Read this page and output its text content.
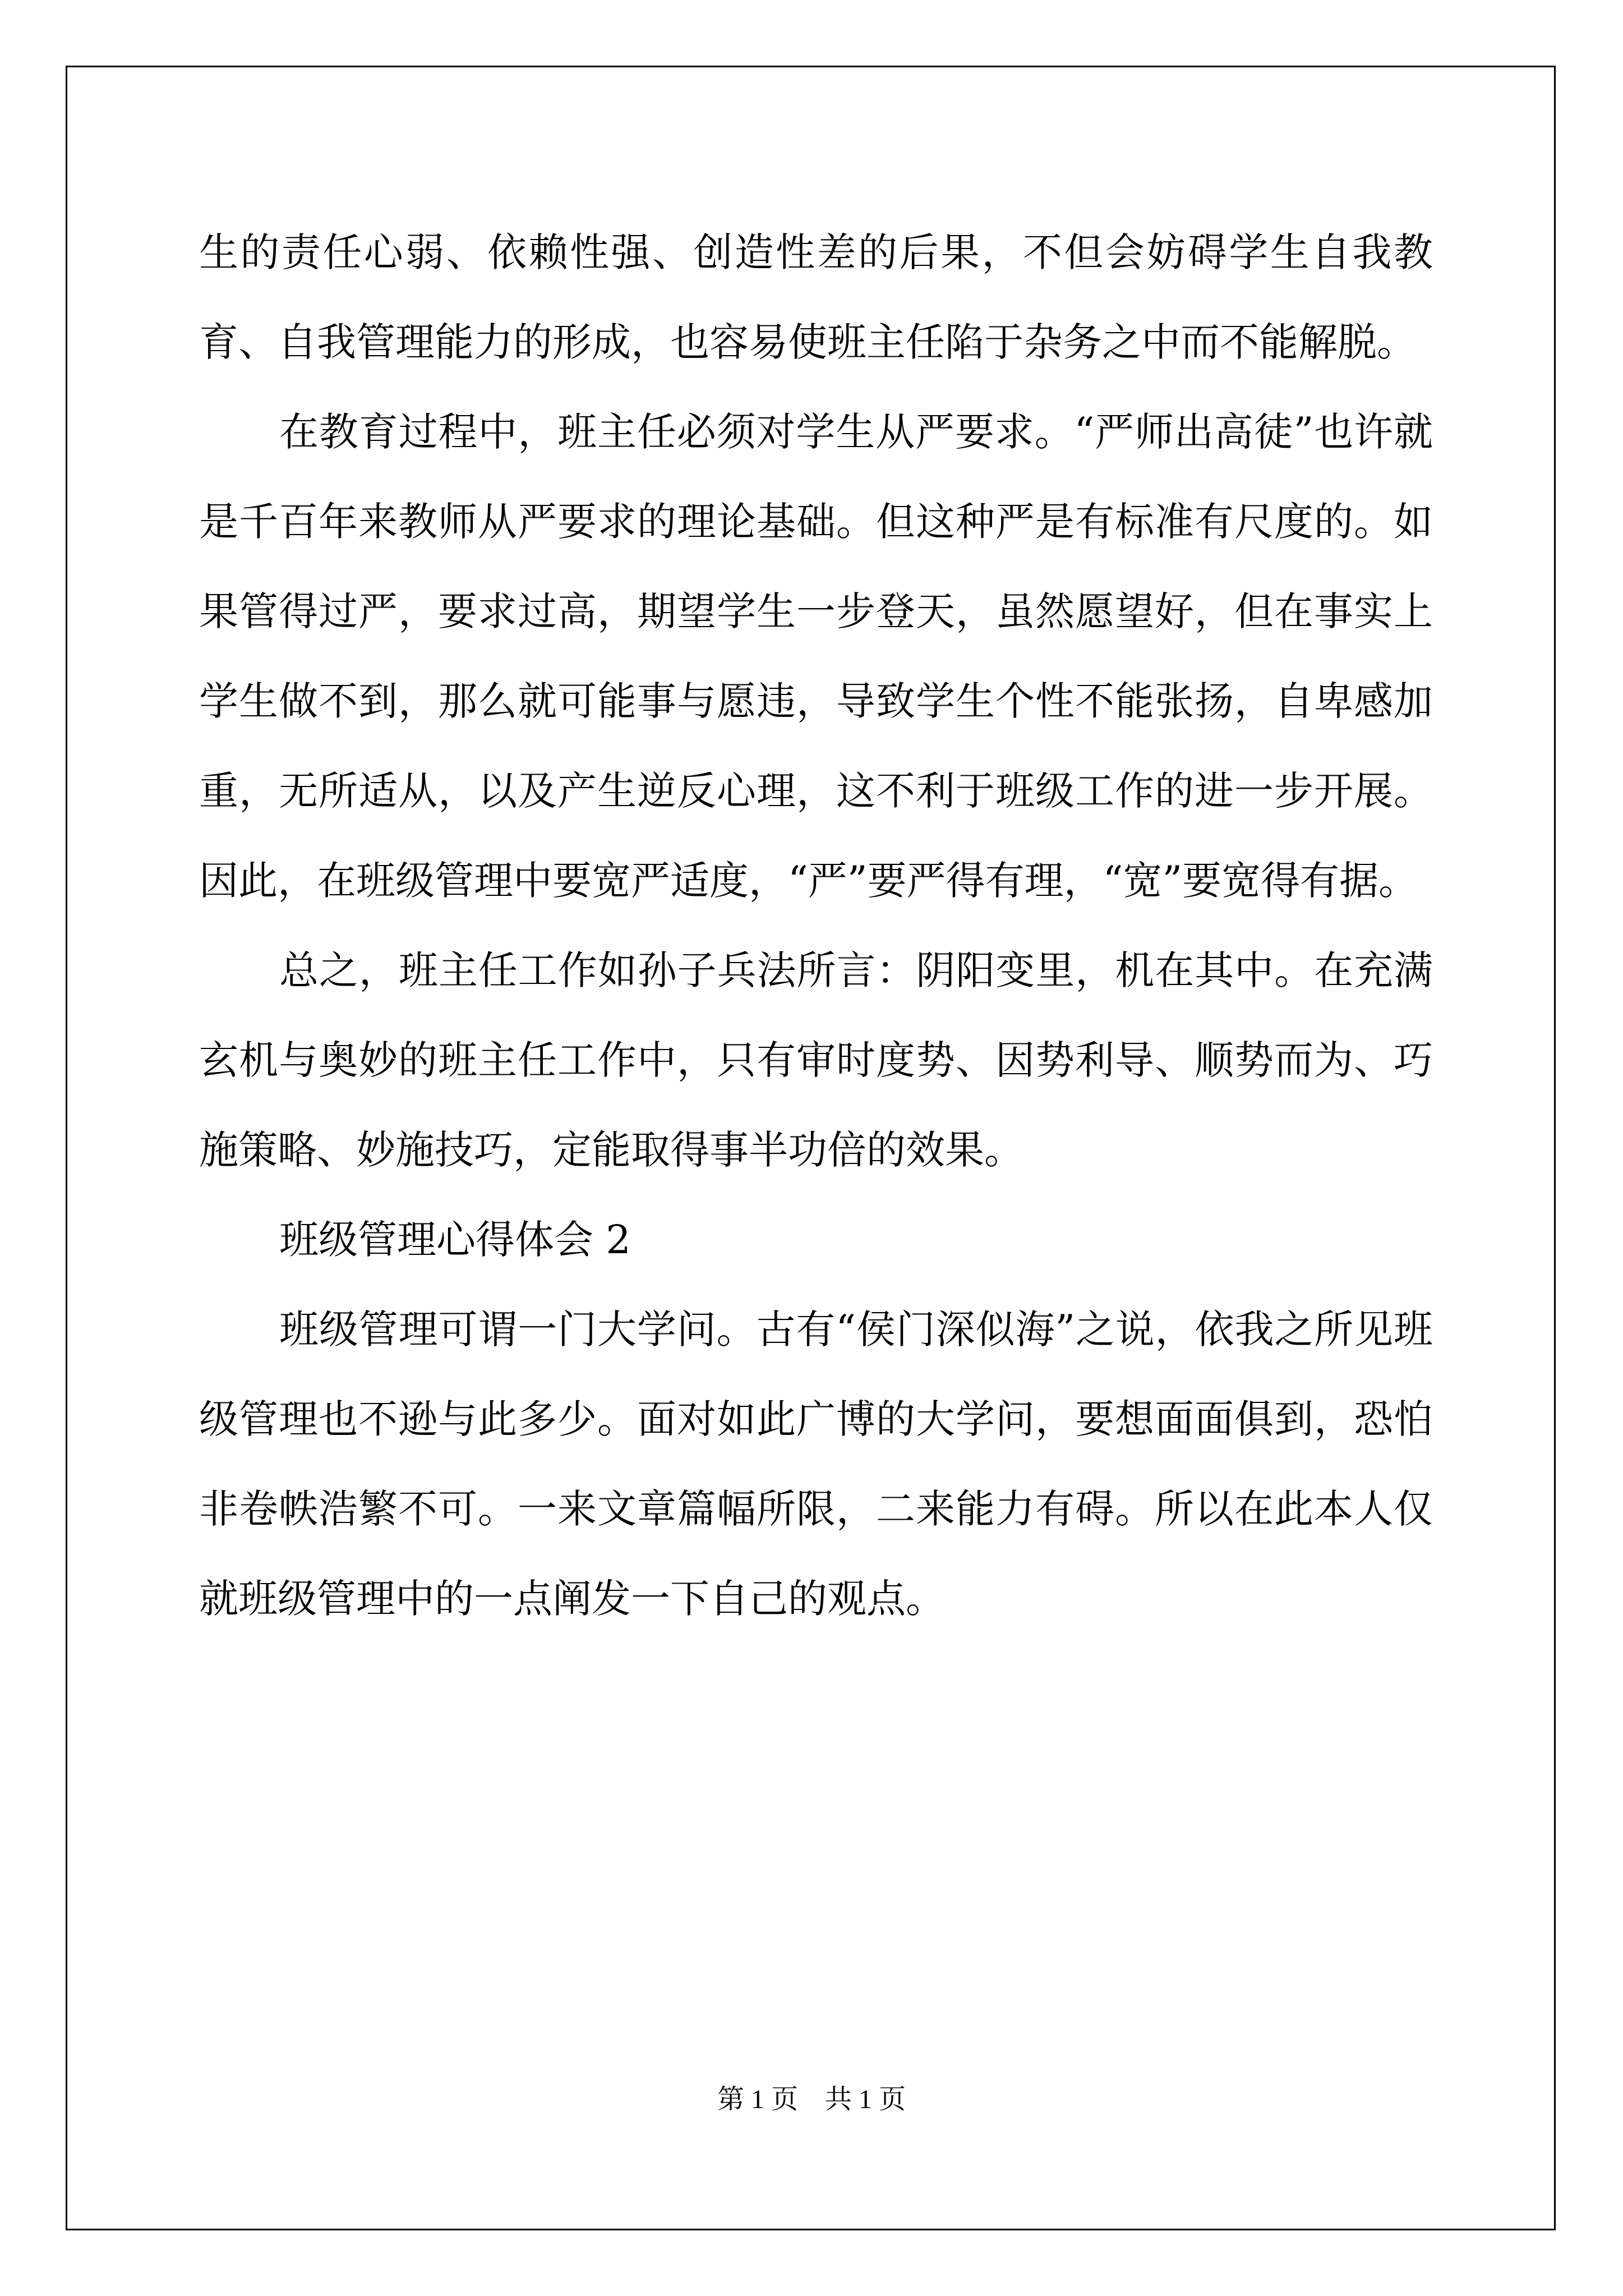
生的责任心弱、依赖性强、创造性差的后果，不但会妨碍学生自我教育、自我管理能力的形成，也容易使班主任陷于杂务之中而不能解脱。

在教育过程中，班主任必须对学生从严要求。“严师出高徒”也许就是千百年来教师从严要求的理论基础。但这种严是有标准有尺度的。如果管得过严，要求过高，期望学生一步登天，虽然愿望好，但在事实上学生做不到，那么就可能事与愿违，导致学生个性不能张扬，自卑感加重，无所适从，以及产生逆反心理，这不利于班级工作的进一步开展。因此，在班级管理中要宽严适度，“严”要严得有理，“宽”要宽得有据。

总之，班主任工作如孙子兵法所言：阴阳变里，机在其中。在充满玄机与奥妙的班主任工作中，只有审时度势、因势利导、顺势而为、巧施策略、妙施技巧，定能取得事半功倍的效果。

班级管理心得体会 2

班级管理可谓一门大学问。古有“侯门深似海”之说，依我之所见班级管理也不逊与此多少。面对如此广博的大学问，要想面面俱到，恐怕非卷帙浩繁不可。一来文章篇幅所限，二来能力有碍。所以在此本人仅就班级管理中的一点阐发一下自己的观点。

第 1 页　共 1 页
